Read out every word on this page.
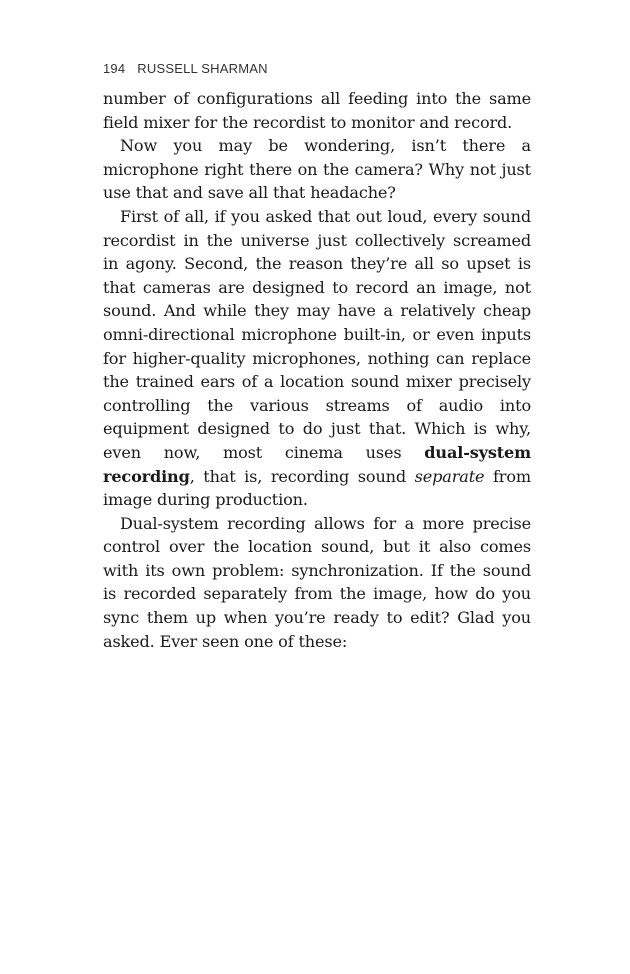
194 RUSSELL SHARMAN

number of configurations all feeding into the same field mixer for the recordist to monitor and record.

Now you may be wondering, isn’t there a microphone right there on the camera? Why not just use that and save all that headache?

First of all, if you asked that out loud, every sound recordist in the universe just collectively screamed in agony. Second, the reason they’re all so upset is that cameras are designed to record an image, not sound. And while they may have a relatively cheap omni-directional microphone built-in, or even inputs for higher-quality microphones, nothing can replace the trained ears of a location sound mixer precisely controlling the various streams of audio into equipment designed to do just that. Which is why, even now, most cinema uses dual-system recording, that is, recording sound separate from image during production.

Dual-system recording allows for a more precise control over the location sound, but it also comes with its own problem: synchronization. If the sound is recorded separately from the image, how do you sync them up when you’re ready to edit? Glad you asked. Ever seen one of these:
